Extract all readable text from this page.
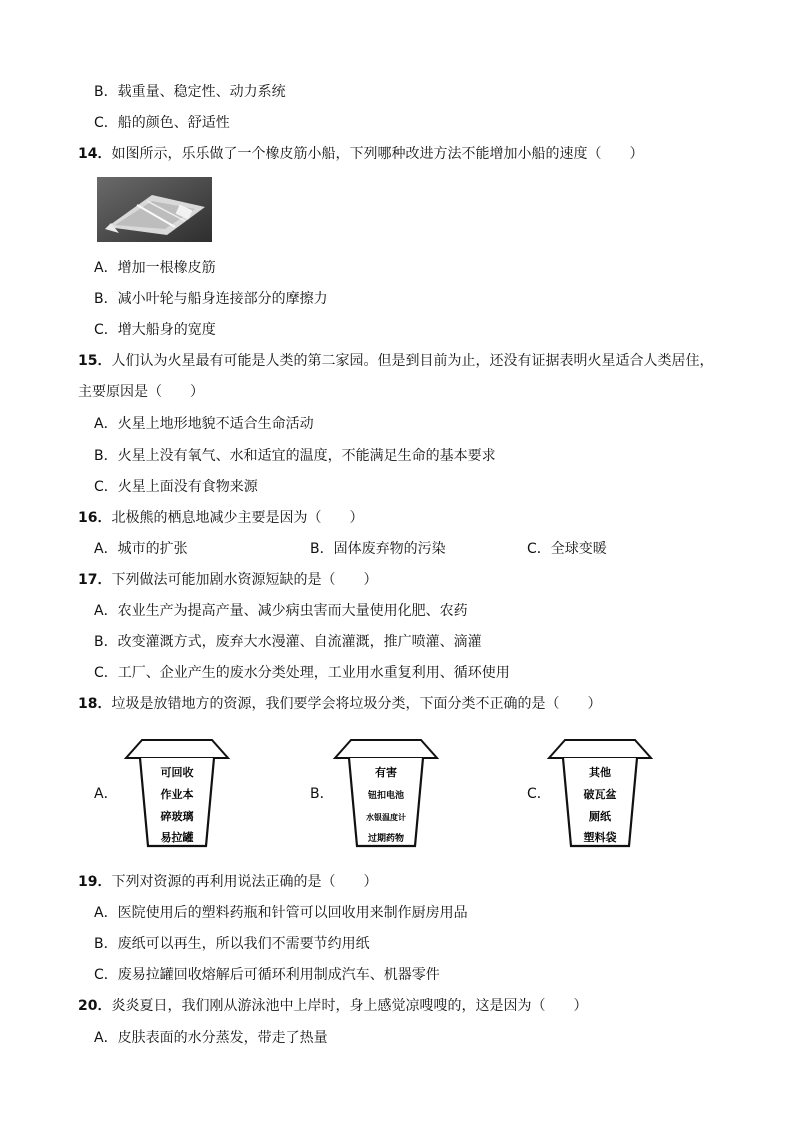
B．载重量、稳定性、动力系统
C．船的颜色、舒适性
14．如图所示，乐乐做了一个橡皮筋小船，下列哪种改进方法不能增加小船的速度（　　）
A．增加一根橡皮筋
B．减小叶轮与船身连接部分的摩擦力
C．增大船身的宽度
15．人们认为火星最有可能是人类的第二家园。但是到目前为止，还没有证据表明火星适合人类居住，
主要原因是（　　）
A．火星上地形地貌不适合生命活动
B．火星上没有氧气、水和适宜的温度，不能满足生命的基本要求
C．火星上面没有食物来源
16．北极熊的栖息地减少主要是因为（　　）
A．城市的扩张	B．固体废弃物的污染	C．全球变暖
17．下列做法可能加剧水资源短缺的是（　　）
A．农业生产为提高产量、减少病虫害而大量使用化肥、农药
B．改变灌溉方式，废弃大水漫灌、自流灌溉，推广喷灌、滴灌
C．工厂、企业产生的废水分类处理，工业用水重复利用、循环使用
18．垃圾是放错地方的资源，我们要学会将垃圾分类，下面分类不正确的是（　　）
A．
可回收
作业本
碎玻璃
易拉罐
B．
有害
钮扣电池
水银温度计
过期药物
C．
其他
破瓦盆
厕纸
塑料袋
19．下列对资源的再利用说法正确的是（　　）
A．医院使用后的塑料药瓶和针管可以回收用来制作厨房用品
B．废纸可以再生，所以我们不需要节约用纸
C．废易拉罐回收熔解后可循环利用制成汽车、机器零件
20．炎炎夏日，我们刚从游泳池中上岸时，身上感觉凉嗖嗖的，这是因为（　　）
A．皮肤表面的水分蒸发，带走了热量
